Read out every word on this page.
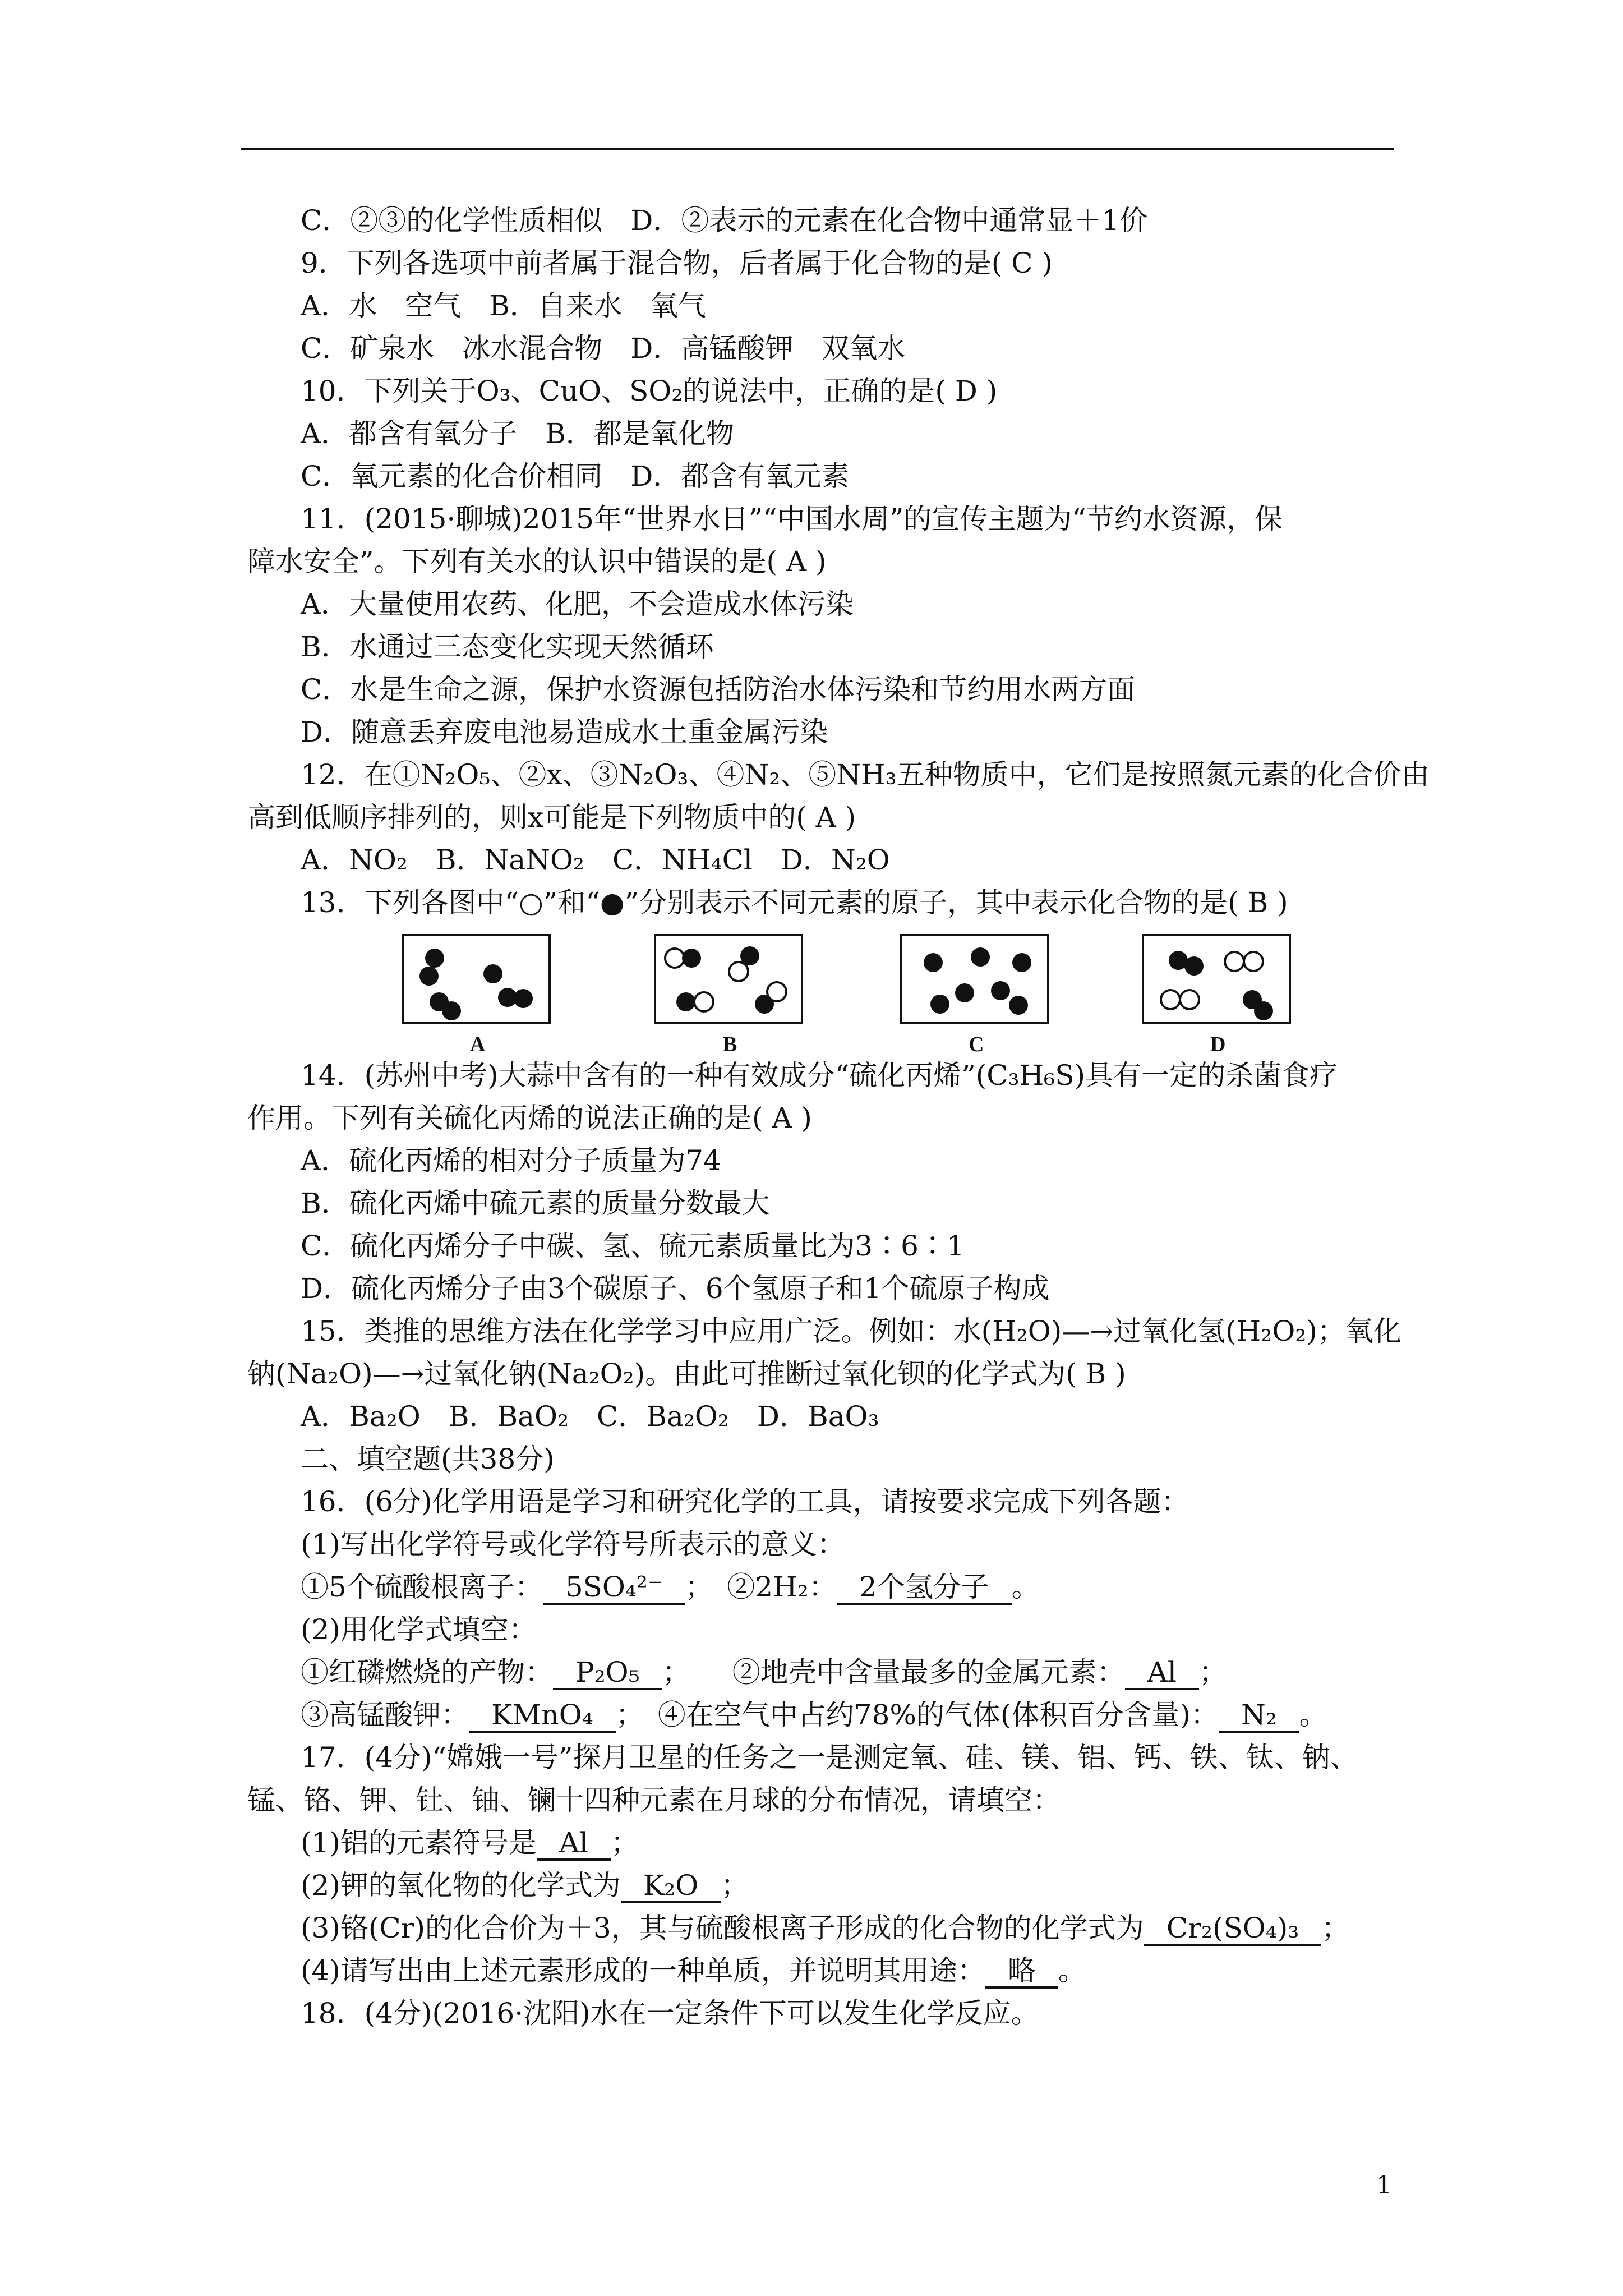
C．②③的化学性质相似　D．②表示的元素在化合物中通常显＋1价
9．下列各选项中前者属于混合物，后者属于化合物的是( C )
A．水　空气　B．自来水　氧气
C．矿泉水　冰水混合物　D．高锰酸钾　双氧水
10．下列关于O₃、CuO、SO₂的说法中，正确的是( D )
A．都含有氧分子　B．都是氧化物
C．氧元素的化合价相同　D．都含有氧元素
11．(2015·聊城)2015年“世界水日”“中国水周”的宣传主题为“节约水资源，保
障水安全”。下列有关水的认识中错误的是( A )
A．大量使用农药、化肥，不会造成水体污染
B．水通过三态变化实现天然循环
C．水是生命之源，保护水资源包括防治水体污染和节约用水两方面
D．随意丢弃废电池易造成水土重金属污染
12．在①N₂O₅、②x、③N₂O₃、④N₂、⑤NH₃五种物质中，它们是按照氮元素的化合价由
高到低顺序排列的，则x可能是下列物质中的( A )
A．NO₂　B．NaNO₂　C．NH₄Cl　D．N₂O
13．下列各图中“○”和“●”分别表示不同元素的原子，其中表示化合物的是( B )
A	B	C	D
14．(苏州中考)大蒜中含有的一种有效成分“硫化丙烯”(C₃H₆S)具有一定的杀菌食疗
作用。下列有关硫化丙烯的说法正确的是( A )
A．硫化丙烯的相对分子质量为74
B．硫化丙烯中硫元素的质量分数最大
C．硫化丙烯分子中碳、氢、硫元素质量比为3∶6∶1
D．硫化丙烯分子由3个碳原子、6个氢原子和1个硫原子构成
15．类推的思维方法在化学学习中应用广泛。例如：水(H₂O)—→过氧化氢(H₂O₂)；氧化
钠(Na₂O)—→过氧化钠(Na₂O₂)。由此可推断过氧化钡的化学式为( B )
A．Ba₂O　B．BaO₂　C．Ba₂O₂　D．BaO₃
二、填空题(共38分)
16．(6分)化学用语是学习和研究化学的工具，请按要求完成下列各题：
(1)写出化学符号或化学符号所表示的意义：
①5个硫酸根离子： 5SO₄²⁻ ；　②2H₂： 2个氢分子 。
(2)用化学式填空：
①红磷燃烧的产物： P₂O₅ ；　　②地壳中含量最多的金属元素： Al ；
③高锰酸钾： KMnO₄ ；　④在空气中占约78%的气体(体积百分含量)： N₂ 。
17．(4分)“嫦娥一号”探月卫星的任务之一是测定氧、硅、镁、铝、钙、铁、钛、钠、
锰、铬、钾、钍、铀、镧十四种元素在月球的分布情况，请填空：
(1)铝的元素符号是 Al ；
(2)钾的氧化物的化学式为 K₂O ；
(3)铬(Cr)的化合价为＋3，其与硫酸根离子形成的化合物的化学式为 Cr₂(SO₄)₃ ；
(4)请写出由上述元素形成的一种单质，并说明其用途： 略 。
18．(4分)(2016·沈阳)水在一定条件下可以发生化学反应。
1
